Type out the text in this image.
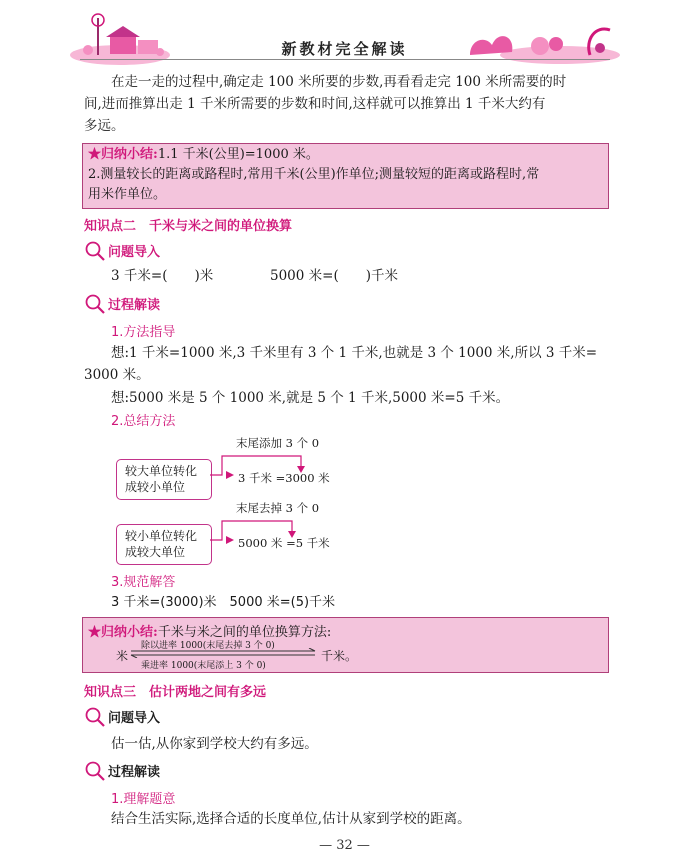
新教材完全解读
在走一走的过程中,确定走 100 米所要的步数,再看看走完 100 米所需要的时
间,进而推算出走 1 千米所需要的步数和时间,这样就可以推算出 1 千米大约有
多远。
★归纳小结:1.1 千米(公里)=1000 米。
2.测量较长的距离或路程时,常用千米(公里)作单位;测量较短的距离或路程时,常
用米作单位。
知识点二　千米与米之间的单位换算
问题导入
3 千米=(　　)米	5000 米=(　　)千米
过程解读
1.方法指导
想:1 千米=1000 米,3 千米里有 3 个 1 千米,也就是 3 个 1000 米,所以 3 千米=
3000 米。
想:5000 米是 5 个 1000 米,就是 5 个 1 千米,5000 米=5 千米。
2.总结方法
较大单位转化
成较小单位
末尾添加 3 个 0
3 千米 =3000 米
较小单位转化
成较大单位
末尾去掉 3 个 0
5000 米 =5 千米
3.规范解答
3 千米=(3000)米　5000 米=(5)千米
★归纳小结:千米与米之间的单位换算方法:
米
除以进率 1000(末尾去掉 3 个 0)
乘进率 1000(末尾添上 3 个 0)
千米。
知识点三　估计两地之间有多远
问题导入
估一估,从你家到学校大约有多远。
过程解读
1.理解题意
结合生活实际,选择合适的长度单位,估计从家到学校的距离。
— 32 —
